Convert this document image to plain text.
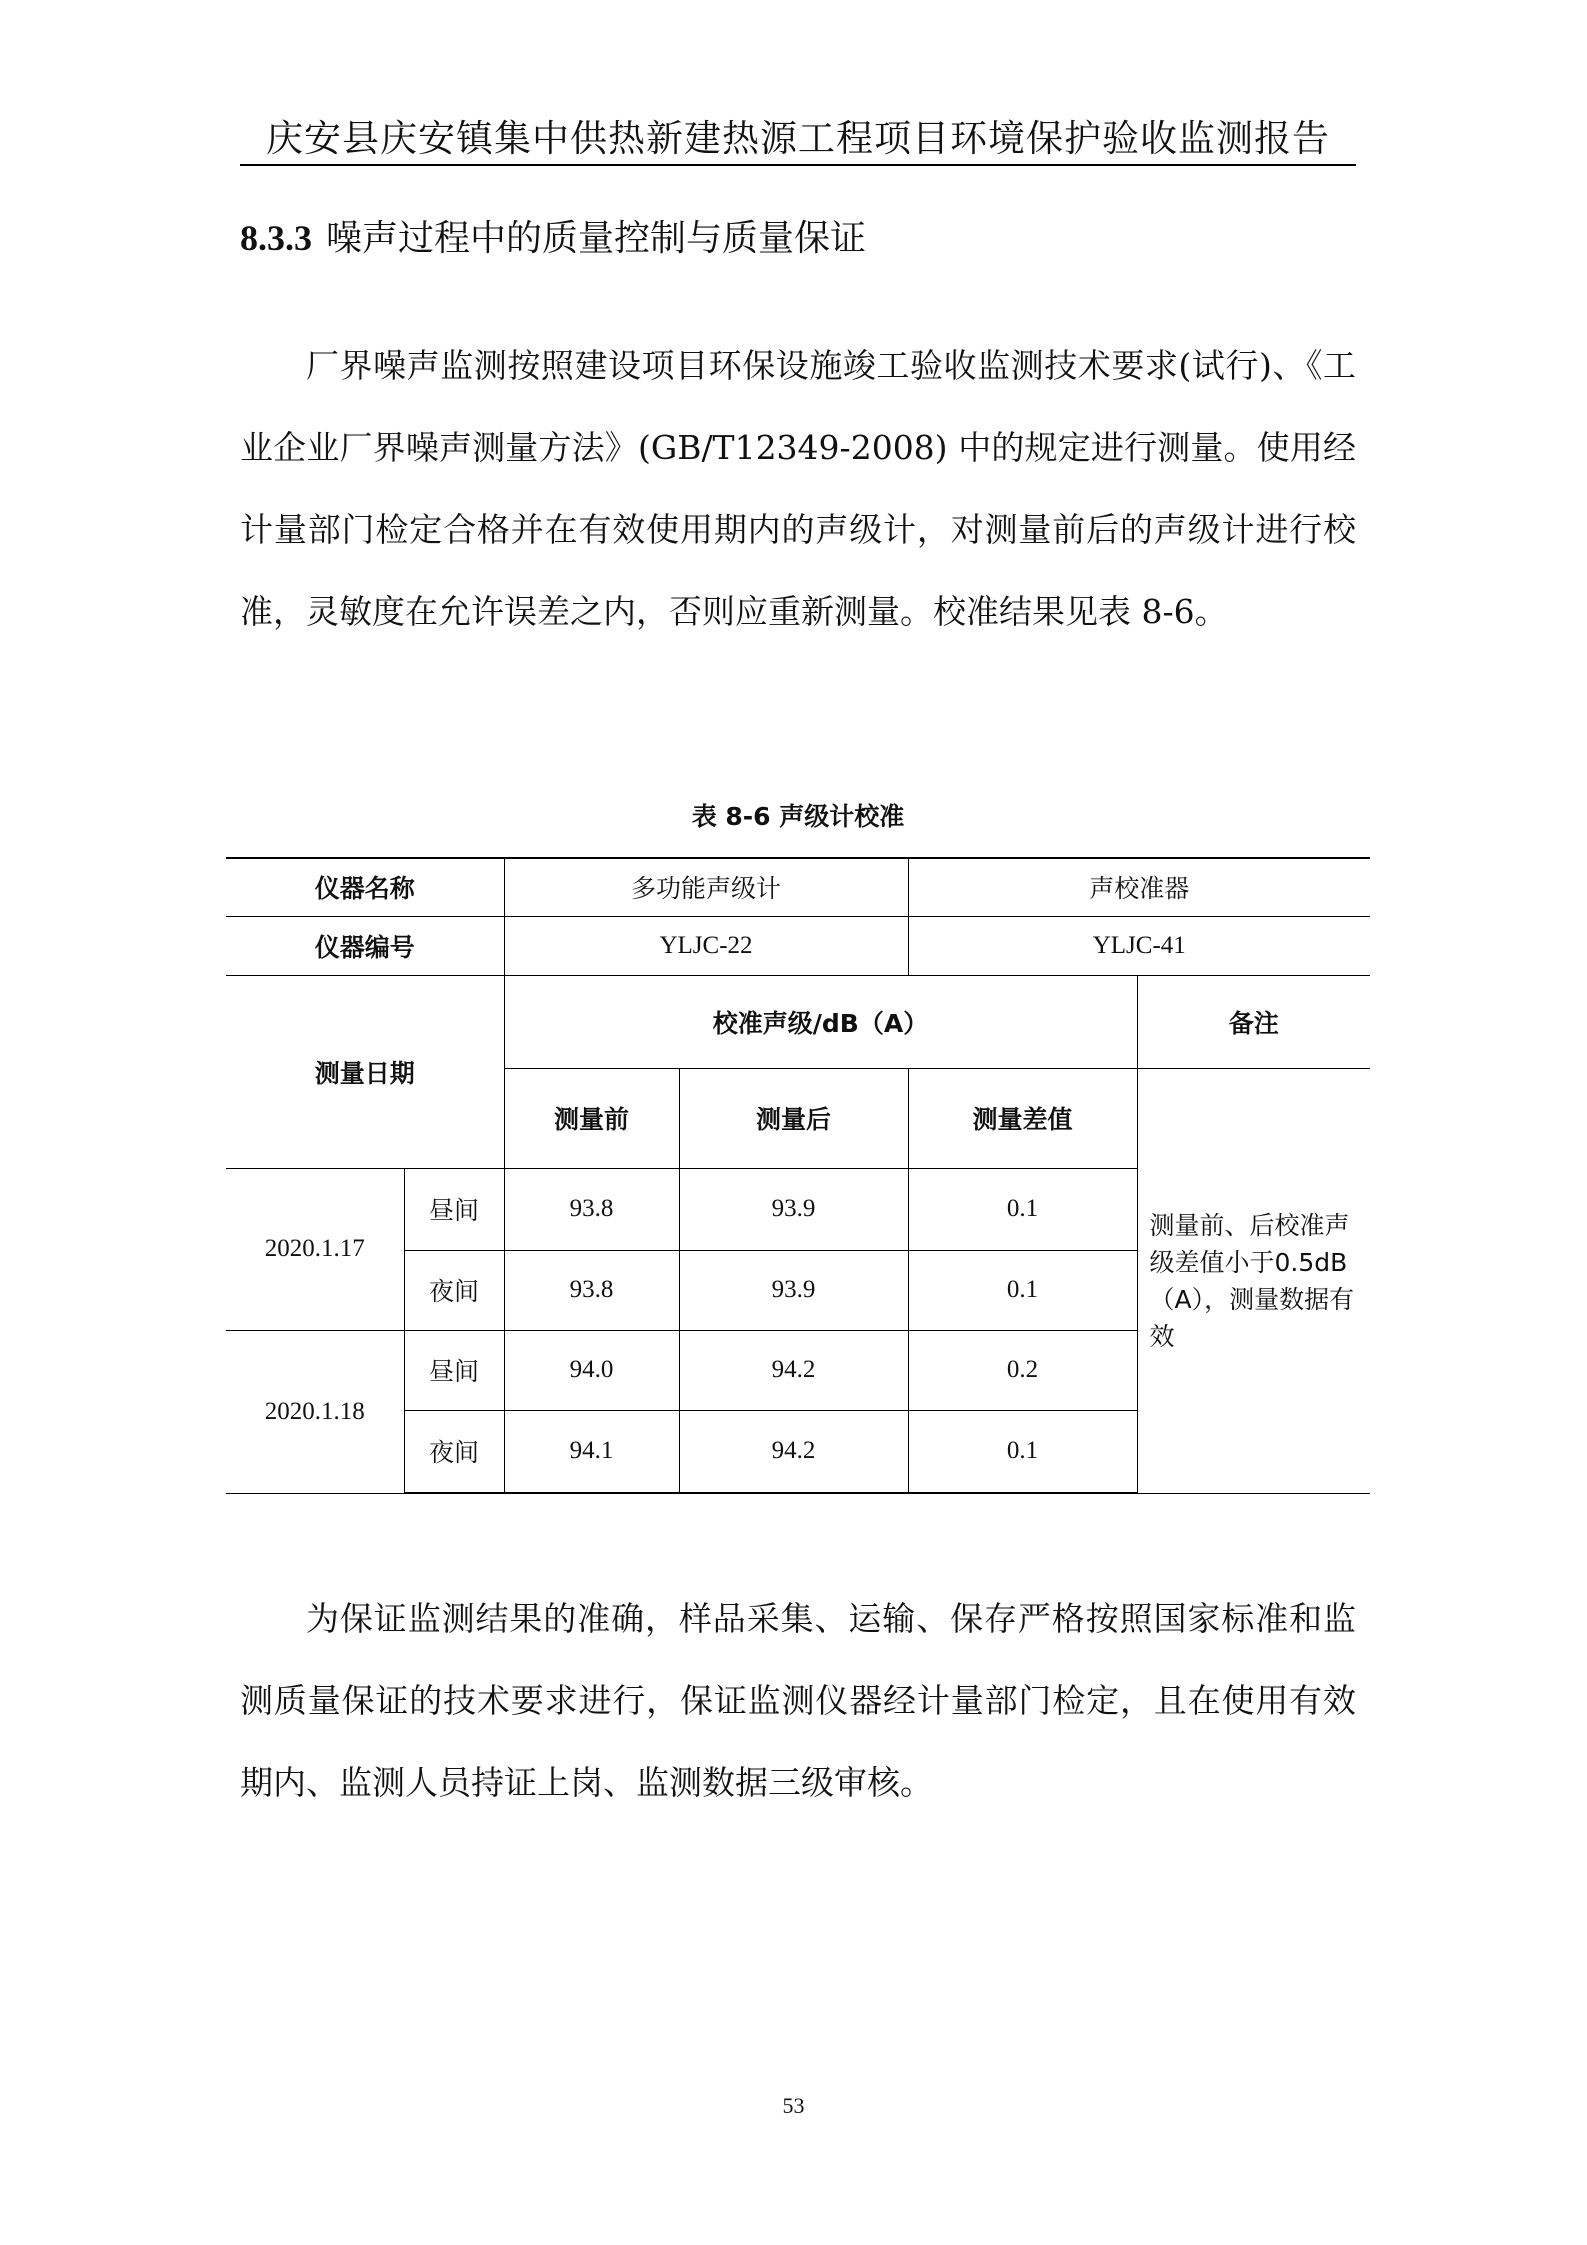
庆安县庆安镇集中供热新建热源工程项目环境保护验收监测报告
8.3.3 噪声过程中的质量控制与质量保证
厂界噪声监测按照建设项目环保设施竣工验收监测技术要求(试行)、《工业企业厂界噪声测量方法》(GB/T12349-2008) 中的规定进行测量。使用经计量部门检定合格并在有效使用期内的声级计，对测量前后的声级计进行校准，灵敏度在允许误差之内，否则应重新测量。校准结果见表 8-6。
表 8-6 声级计校准
仪器名称		多功能声级计		声校准器	
仪器编号		YLJC-22		YLJC-41	
测量日期		校准声级/dB（A）			备注
		测量前	测量后	测量差值	测量前、后校准声级差值小于0.5dB（A），测量数据有效
2020.1.17	昼间	93.8	93.9	0.1	
	夜间	93.8	93.9	0.1	
2020.1.18	昼间	94.0	94.2	0.2	
	夜间	94.1	94.2	0.1	
为保证监测结果的准确，样品采集、运输、保存严格按照国家标准和监测质量保证的技术要求进行，保证监测仪器经计量部门检定，且在使用有效期内、监测人员持证上岗、监测数据三级审核。
53
